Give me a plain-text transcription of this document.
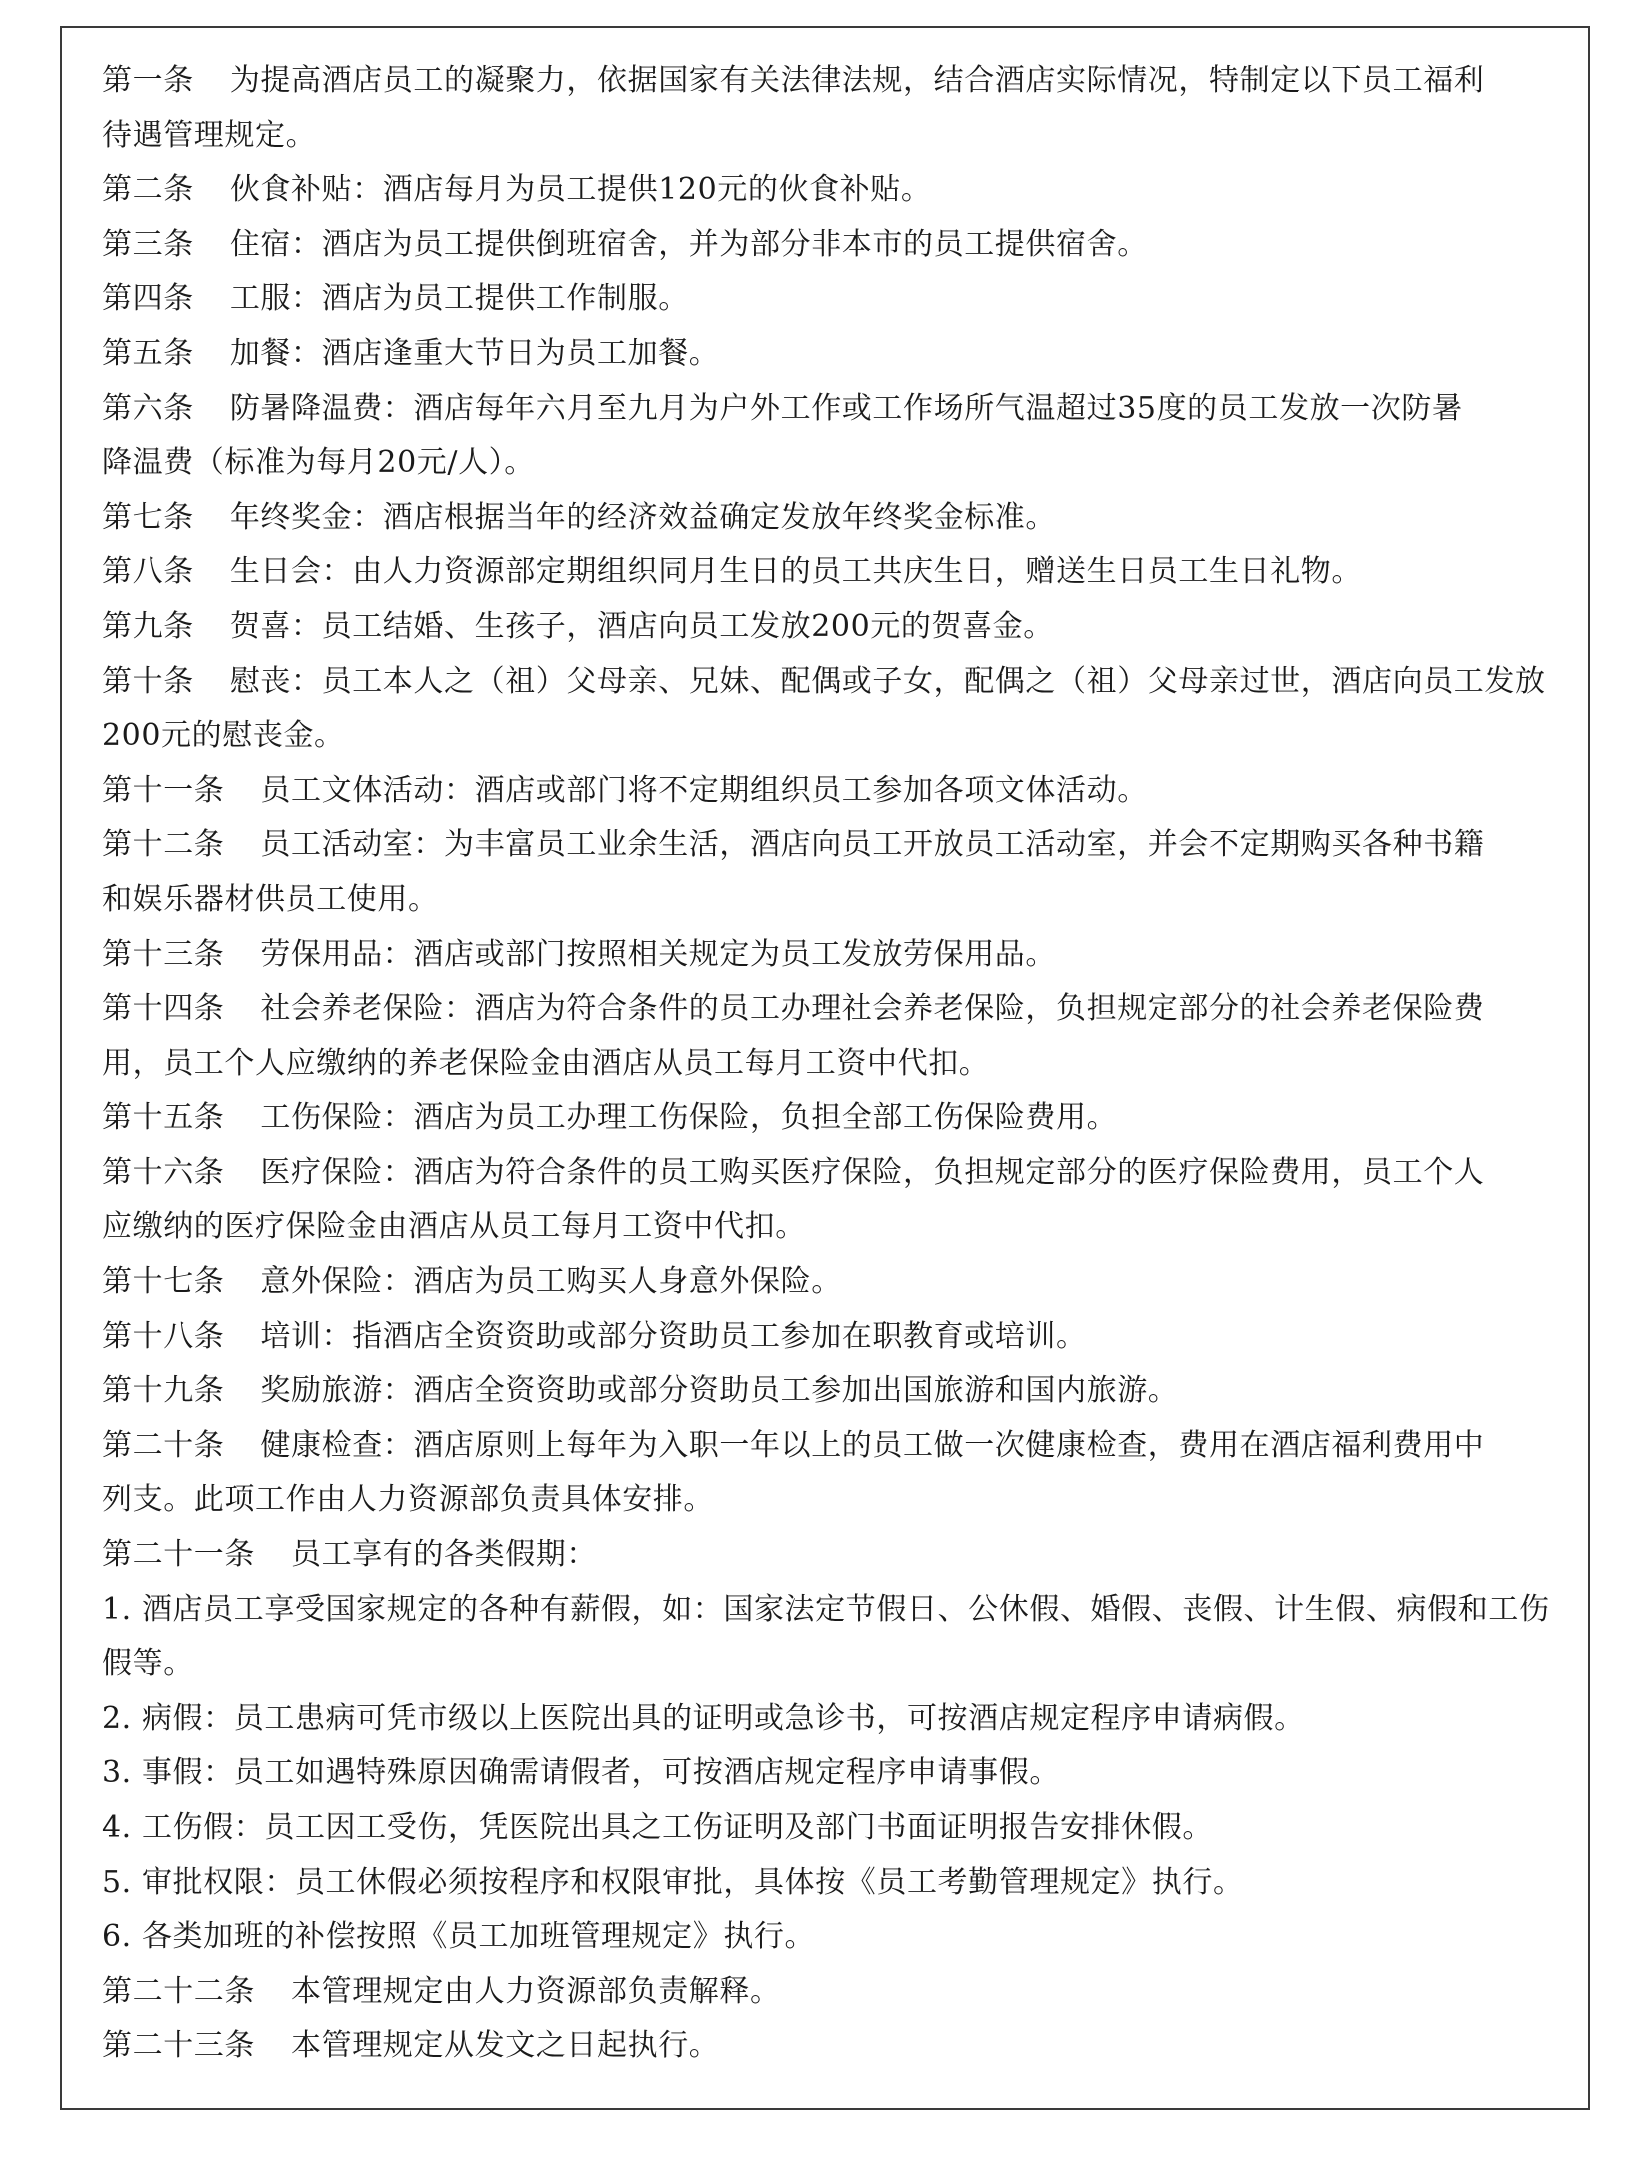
第一条 为提高酒店员工的凝聚力，依据国家有关法律法规，结合酒店实际情况，特制定以下员工福利
待遇管理规定。
第二条 伙食补贴：酒店每月为员工提供120元的伙食补贴。
第三条 住宿：酒店为员工提供倒班宿舍，并为部分非本市的员工提供宿舍。
第四条 工服：酒店为员工提供工作制服。
第五条 加餐：酒店逢重大节日为员工加餐。
第六条 防暑降温费：酒店每年六月至九月为户外工作或工作场所气温超过35度的员工发放一次防暑
降温费（标准为每月20元/人）。
第七条 年终奖金：酒店根据当年的经济效益确定发放年终奖金标准。
第八条 生日会：由人力资源部定期组织同月生日的员工共庆生日，赠送生日员工生日礼物。
第九条 贺喜：员工结婚、生孩子，酒店向员工发放200元的贺喜金。
第十条 慰丧：员工本人之（祖）父母亲、兄妹、配偶或子女，配偶之（祖）父母亲过世，酒店向员工发放
200元的慰丧金。
第十一条 员工文体活动：酒店或部门将不定期组织员工参加各项文体活动。
第十二条 员工活动室：为丰富员工业余生活，酒店向员工开放员工活动室，并会不定期购买各种书籍
和娱乐器材供员工使用。
第十三条 劳保用品：酒店或部门按照相关规定为员工发放劳保用品。
第十四条 社会养老保险：酒店为符合条件的员工办理社会养老保险，负担规定部分的社会养老保险费
用，员工个人应缴纳的养老保险金由酒店从员工每月工资中代扣。
第十五条 工伤保险：酒店为员工办理工伤保险，负担全部工伤保险费用。
第十六条 医疗保险：酒店为符合条件的员工购买医疗保险，负担规定部分的医疗保险费用，员工个人
应缴纳的医疗保险金由酒店从员工每月工资中代扣。
第十七条 意外保险：酒店为员工购买人身意外保险。
第十八条 培训：指酒店全资资助或部分资助员工参加在职教育或培训。
第十九条 奖励旅游：酒店全资资助或部分资助员工参加出国旅游和国内旅游。
第二十条 健康检查：酒店原则上每年为入职一年以上的员工做一次健康检查，费用在酒店福利费用中
列支。此项工作由人力资源部负责具体安排。
第二十一条 员工享有的各类假期：
1. 酒店员工享受国家规定的各种有薪假，如：国家法定节假日、公休假、婚假、丧假、计生假、病假和工伤
假等。
2. 病假：员工患病可凭市级以上医院出具的证明或急诊书，可按酒店规定程序申请病假。
3. 事假：员工如遇特殊原因确需请假者，可按酒店规定程序申请事假。
4. 工伤假：员工因工受伤，凭医院出具之工伤证明及部门书面证明报告安排休假。
5. 审批权限：员工休假必须按程序和权限审批，具体按《员工考勤管理规定》执行。
6. 各类加班的补偿按照《员工加班管理规定》执行。
第二十二条 本管理规定由人力资源部负责解释。
第二十三条 本管理规定从发文之日起执行。
